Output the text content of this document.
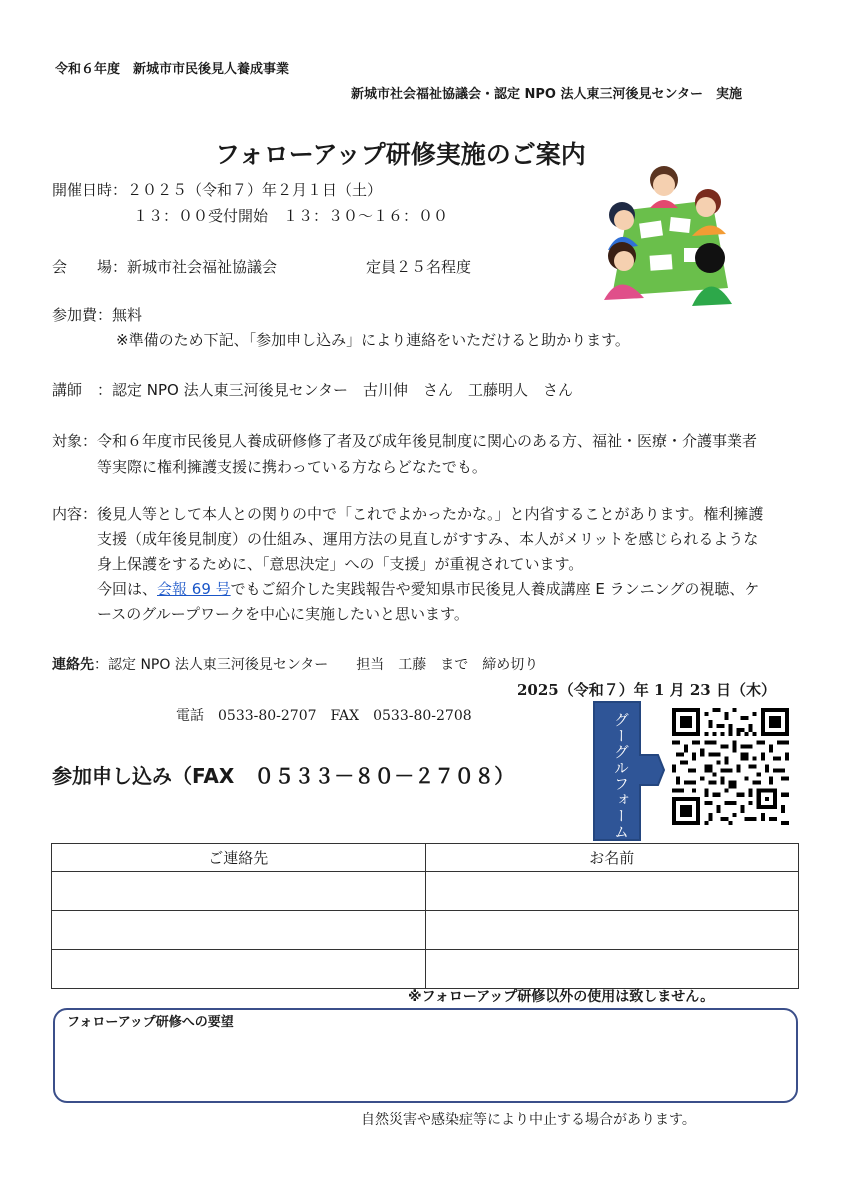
令和６年度　新城市市民後見人養成事業
新城市社会福祉協議会・認定 NPO 法人東三河後見センター　実施
フォローアップ研修実施のご案内
開催日時：２０２５（令和７）年２月１日（土）
１３：００受付開始　１３：３０～１６：００
会　　場：新城市社会福祉協議会	定員２５名程度
参加費：無料
※準備のため下記、「参加申し込み」により連絡をいただけると助かります。
講師　：認定 NPO 法人東三河後見センター　古川伸　さん　工藤明人　さん
対象：令和６年度市民後見人養成研修修了者及び成年後見制度に関心のある方、福祉・医療・介護事業者
等実際に権利擁護支援に携わっている方ならどなたでも。
内容：後見人等として本人との関りの中で「これでよかったかな。」と内省することがあります。権利擁護
支援（成年後見制度）の仕組み、運用方法の見直しがすすみ、本人がメリットを感じられるような
身上保護をするために、「意思決定」への「支援」が重視されています。
今回は、会報 69 号でもご紹介した実践報告や愛知県市民後見人養成講座 E ランニングの視聴、ケ
ースのグループワークを中心に実施したいと思います。
連絡先：認定 NPO 法人東三河後見センター　　担当　工藤　まで　締め切り
2025（令和７）年 1 月 23 日（木）
電話　0533-80-2707　FAX　0533-80-2708
参加申し込み（FAX　０５３３－８０－２７０８）	グーグルフォーム
ご連絡先	お名前

※フォローアップ研修以外の使用は致しません。
フォローアップ研修への要望
自然災害や感染症等により中止する場合があります。
